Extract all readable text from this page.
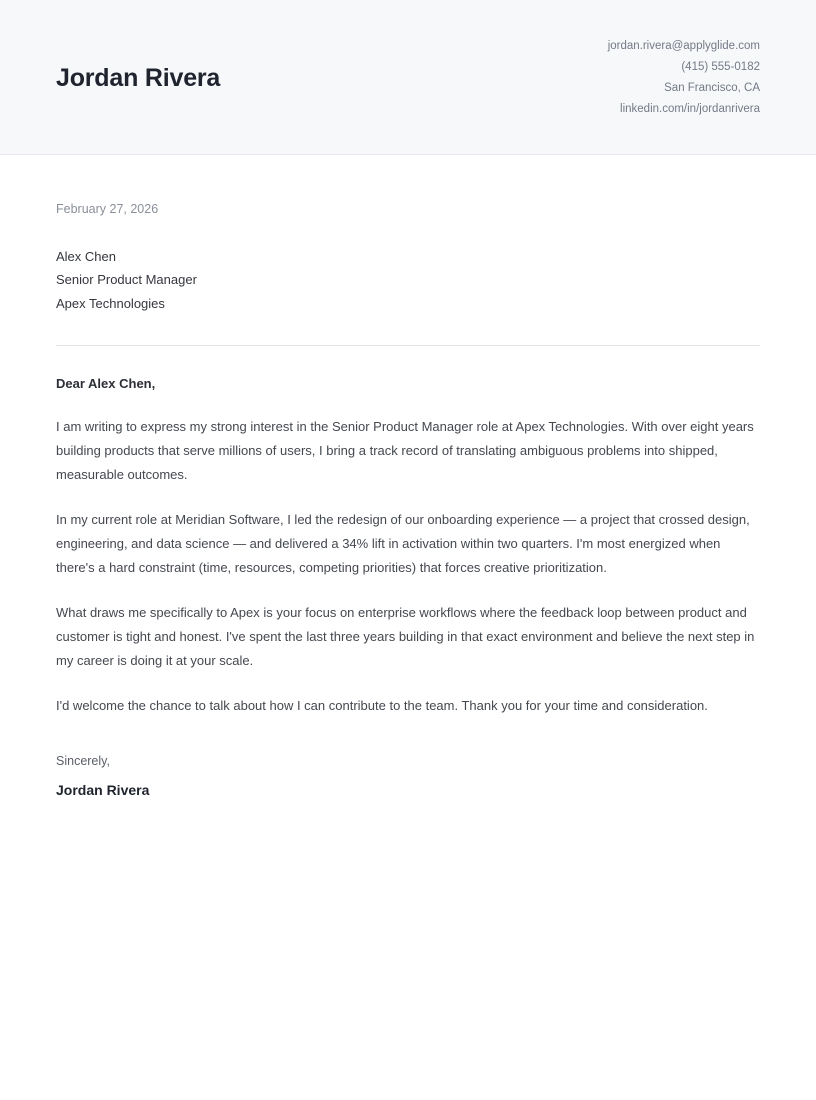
Jordan Rivera
jordan.rivera@applyglide.com
(415) 555-0182
San Francisco, CA
linkedin.com/in/jordanrivera
February 27, 2026
Alex Chen
Senior Product Manager
Apex Technologies
Dear Alex Chen,

I am writing to express my strong interest in the Senior Product Manager role at Apex Technologies. With over eight years building products that serve millions of users, I bring a track record of translating ambiguous problems into shipped, measurable outcomes.

In my current role at Meridian Software, I led the redesign of our onboarding experience — a project that crossed design, engineering, and data science — and delivered a 34% lift in activation within two quarters. I'm most energized when there's a hard constraint (time, resources, competing priorities) that forces creative prioritization.

What draws me specifically to Apex is your focus on enterprise workflows where the feedback loop between product and customer is tight and honest. I've spent the last three years building in that exact environment and believe the next step in my career is doing it at your scale.

I'd welcome the chance to talk about how I can contribute to the team. Thank you for your time and consideration.

Sincerely,
Jordan Rivera
